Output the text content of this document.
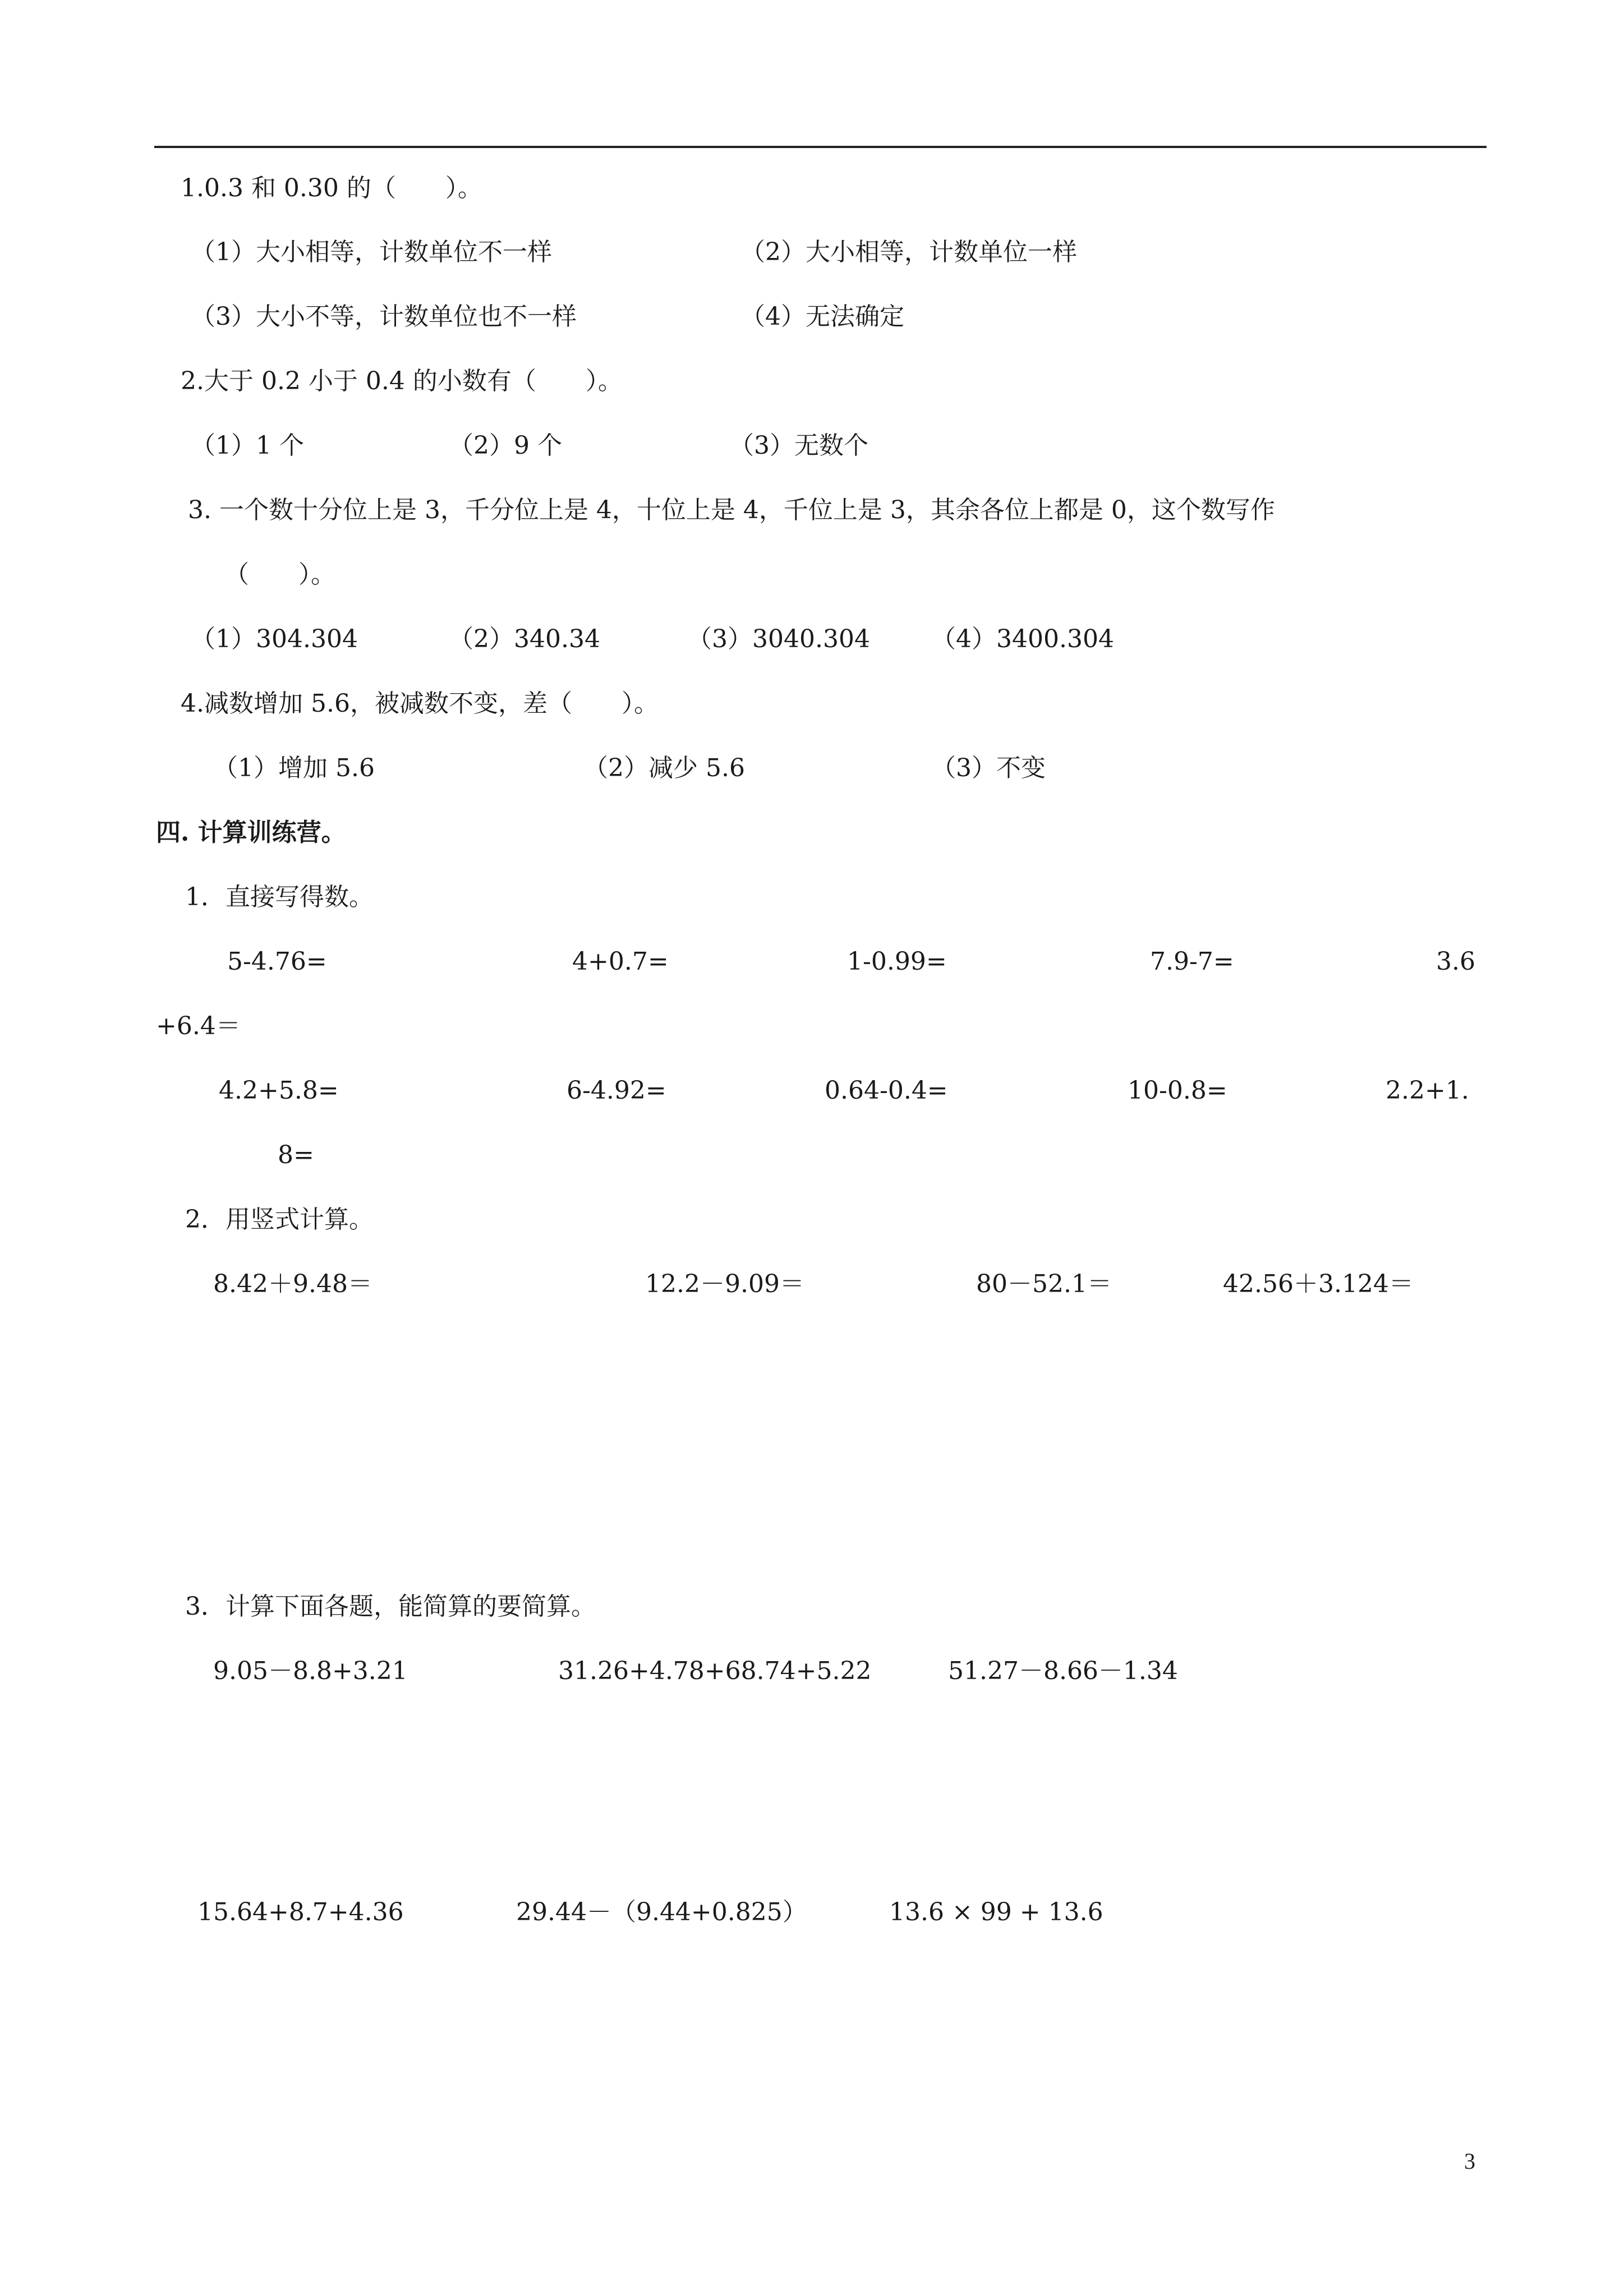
1.0.3 和 0.30 的（　　）。
（1）大小相等，计数单位不一样	（2）大小相等，计数单位一样
（3）大小不等，计数单位也不一样	（4）无法确定
2.大于 0.2 小于 0.4 的小数有（　　）。
（1）1 个	（2）9 个	（3）无数个
3. 一个数十分位上是 3，千分位上是 4，十位上是 4，千位上是 3，其余各位上都是 0，这个数写作
（　　）。
（1）304.304	（2）340.34	（3）3040.304 （4）3400.304
4.减数增加 5.6，被减数不变，差（　　）。
（1）增加 5.6	（2）减少 5.6	（3）不变
四. 计算训练营。
1．直接写得数。
5-4.76=	4+0.7=	1-0.99=	7.9-7=	3.6
+6.4＝
4.2+5.8=	6-4.92=	0.64-0.4=	10-0.8=	2.2+1.
8=
2．用竖式计算。
8.42＋9.48＝	12.2－9.09＝	80－52.1＝	42.56＋3.124＝
3．计算下面各题，能简算的要简算。
9.05－8.8+3.21	31.26+4.78+68.74+5.22	51.27－8.66－1.34
15.64+8.7+4.36	29.44－（9.44+0.825）	13.6 × 99 + 13.6
3
